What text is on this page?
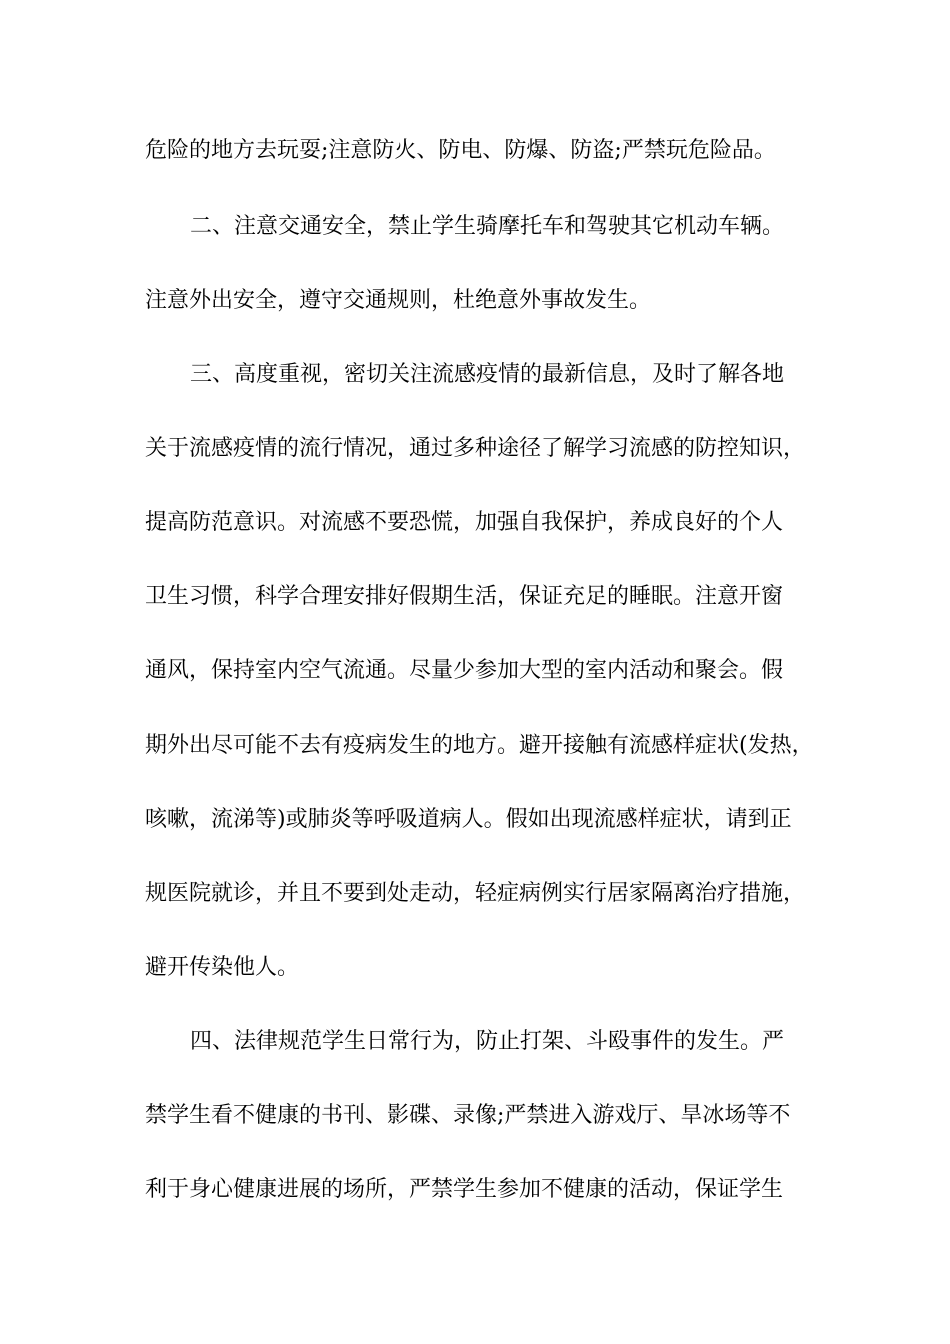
危险的地方去玩耍;注意防火、防电、防爆、防盗;严禁玩危险品。
二、注意交通安全，禁止学生骑摩托车和驾驶其它机动车辆。
注意外出安全，遵守交通规则，杜绝意外事故发生。
三、高度重视，密切关注流感疫情的最新信息，及时了解各地
关于流感疫情的流行情况，通过多种途径了解学习流感的防控知识，
提高防范意识。对流感不要恐慌，加强自我保护，养成良好的个人
卫生习惯，科学合理安排好假期生活，保证充足的睡眠。注意开窗
通风，保持室内空气流通。尽量少参加大型的室内活动和聚会。假
期外出尽可能不去有疫病发生的地方。避开接触有流感样症状(发热，
咳嗽，流涕等)或肺炎等呼吸道病人。假如出现流感样症状，请到正
规医院就诊，并且不要到处走动，轻症病例实行居家隔离治疗措施，
避开传染他人。
四、法律规范学生日常行为，防止打架、斗殴事件的发生。严
禁学生看不健康的书刊、影碟、录像;严禁进入游戏厅、旱冰场等不
利于身心健康进展的场所，严禁学生参加不健康的活动，保证学生
